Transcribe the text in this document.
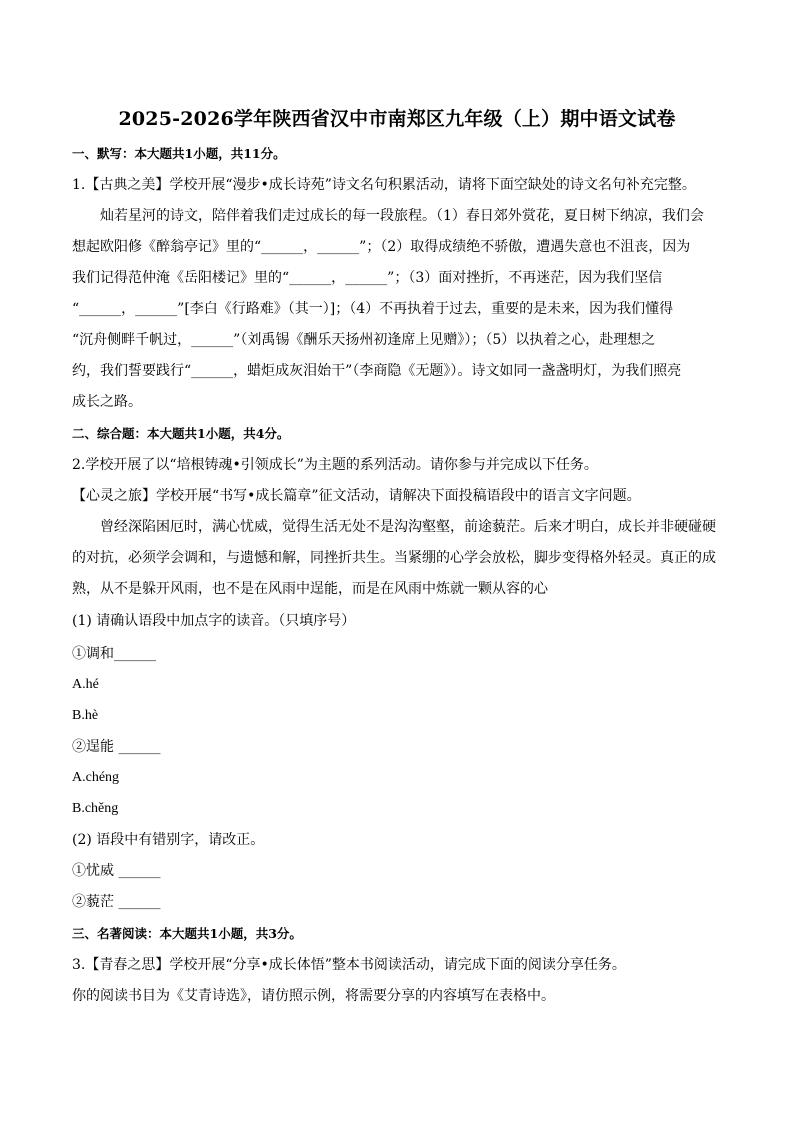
2025-2026学年陕西省汉中市南郑区九年级（上）期中语文试卷
一、默写：本大题共1小题，共11分。
1.【古典之美】学校开展“漫步•成长诗苑”诗文名句积累活动，请将下面空缺处的诗文名句补充完整。
灿若星河的诗文，陪伴着我们走过成长的每一段旅程。（1）春日郊外赏花，夏日树下纳凉，我们会
想起欧阳修《醉翁亭记》里的“______，______”；（2）取得成绩绝不骄傲，遭遇失意也不沮丧，因为
我们记得范仲淹《岳阳楼记》里的“______，______”；（3）面对挫折，不再迷茫，因为我们坚信
“______，______”[李白《行路难》（其一）]；（4）不再执着于过去，重要的是未来，因为我们懂得
“沉舟侧畔千帆过，______”（刘禹锡《酬乐天扬州初逢席上见赠》）；（5）以执着之心，赴理想之
约，我们誓要践行“______，蜡炬成灰泪始干”（李商隐《无题》）。诗文如同一盏盏明灯，为我们照亮
成长之路。
二、综合题：本大题共1小题，共4分。
2.学校开展了以“培根铸魂•引领成长”为主题的系列活动。请你参与并完成以下任务。
【心灵之旅】学校开展“书写•成长篇章”征文活动，请解决下面投稿语段中的语言文字问题。
曾经深陷困厄时，满心忧威，觉得生活无处不是沟沟壑壑，前途藐茫。后来才明白，成长并非硬碰硬
的对抗，必须学会调和，与遗憾和解，同挫折共生。当紧绷的心学会放松，脚步变得格外轻灵。真正的成
熟，从不是躲开风雨，也不是在风雨中逞能，而是在风雨中炼就一颗从容的心
(1) 请确认语段中加点字的读音。（只填序号）
①调和______
A.hé
B.hè
②逞能 ______
A.chéng
B.chěng
(2) 语段中有错别字，请改正。
①忧威 ______
②藐茫 ______
三、名著阅读：本大题共1小题，共3分。
3.【青春之思】学校开展“分享•成长体悟”整本书阅读活动，请完成下面的阅读分享任务。
你的阅读书目为《艾青诗选》，请仿照示例，将需要分享的内容填写在表格中。
